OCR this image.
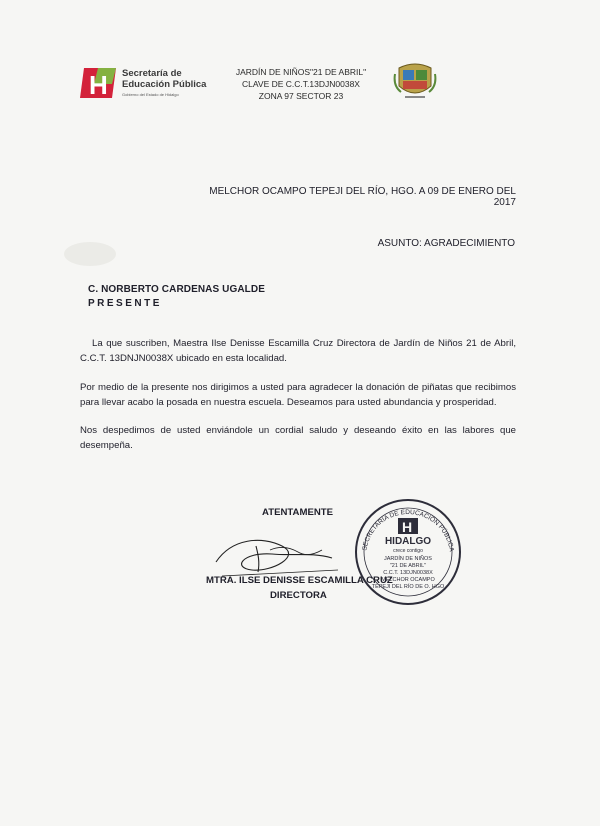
H Secretaría de
Educación Pública
Gobierno del Estado de Hidalgo
JARDÍN DE NIÑOS"21 DE ABRIL"
CLAVE DE C.C.T.13DJN0038X
ZONA 97 SECTOR 23
MELCHOR OCAMPO TEPEJI DEL RÍO, HGO. A 09 DE ENERO DEL 2017
ASUNTO: AGRADECIMIENTO
C. NORBERTO CARDENAS UGALDE
PRESENTE
La que suscriben, Maestra Ilse Denisse Escamilla Cruz Directora de Jardín de Niños 21 de Abril, C.C.T. 13DNJN0038X ubicado en esta localidad.
Por medio de la presente nos dirigimos a usted para agradecer la donación de piñatas que recibimos para llevar acabo la posada en nuestra escuela. Deseamos para usted abundancia y prosperidad.
Nos despedimos de usted enviándole un cordial saludo y deseando éxito en las labores que desempeña.
ATENTAMENTE
MTRA. ILSE DENISSE ESCAMILLA CRUZ
DIRECTORA
SECRETARÍA DE EDUCACIÓN PÚBLICA
H
HIDALGO
crece contigo
JARDÍN DE NIÑOS
"21 DE ABRIL"
C.C.T. 13DJN0038X
MELCHOR OCAMPO
TEPEJI DEL RÍO DE O. HGO
